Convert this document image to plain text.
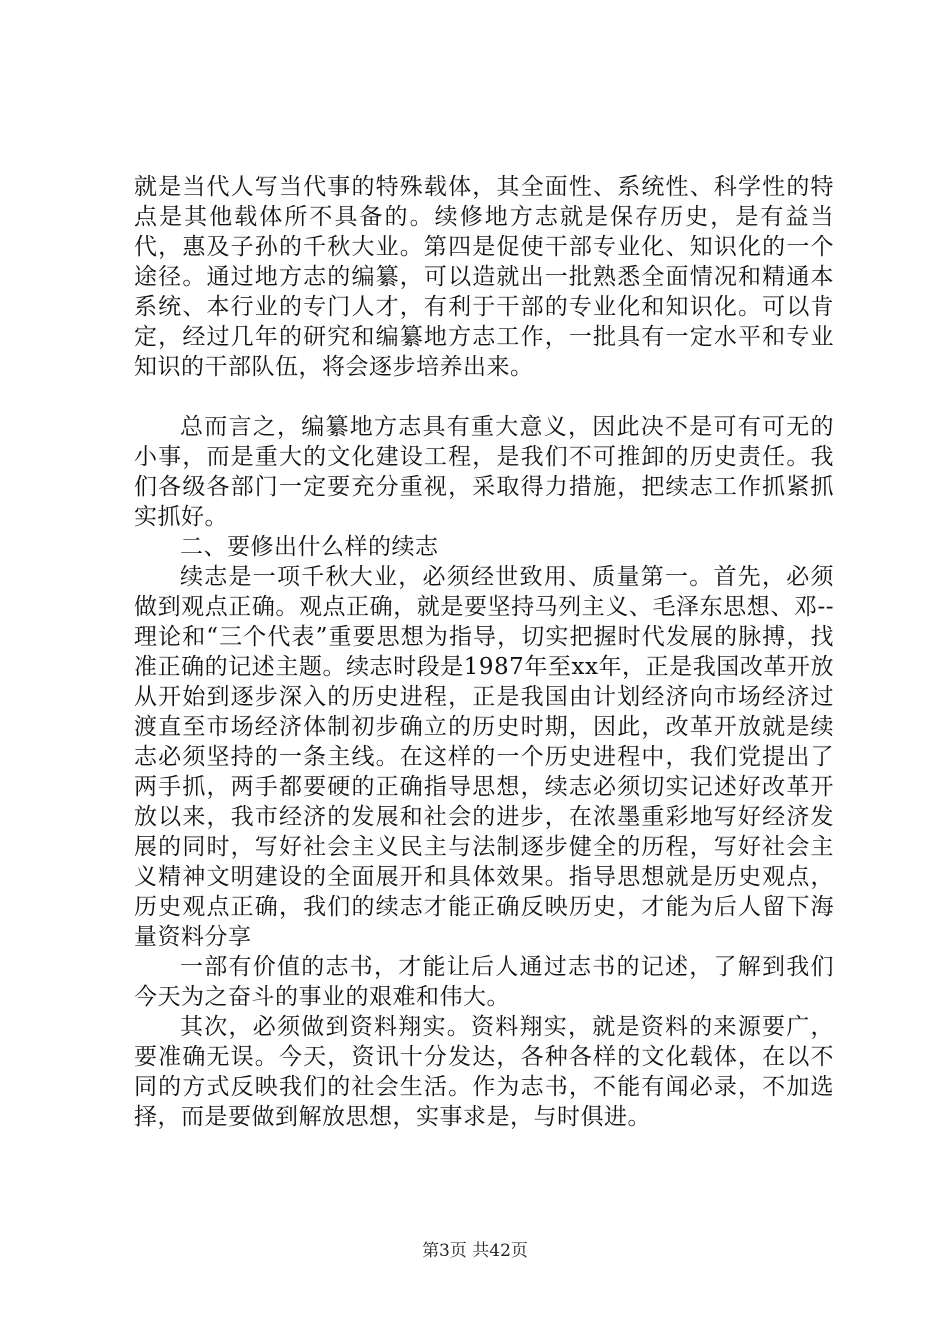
就是当代人写当代事的特殊载体，其全面性、系统性、科学性的特点是其他载体所不具备的。续修地方志就是保存历史，是有益当代，惠及子孙的千秋大业。第四是促使干部专业化、知识化的一个途径。通过地方志的编纂，可以造就出一批熟悉全面情况和精通本系统、本行业的专门人才，有利于干部的专业化和知识化。可以肯定，经过几年的研究和编纂地方志工作，一批具有一定水平和专业知识的干部队伍，将会逐步培养出来。

总而言之，编纂地方志具有重大意义，因此决不是可有可无的小事，而是重大的文化建设工程，是我们不可推卸的历史责任。我们各级各部门一定要充分重视，采取得力措施，把续志工作抓紧抓实抓好。

二、要修出什么样的续志

续志是一项千秋大业，必须经世致用、质量第一。首先，必须做到观点正确。观点正确，就是要坚持马列主义、毛泽东思想、邓--理论和“三个代表”重要思想为指导，切实把握时代发展的脉搏，找准正确的记述主题。续志时段是1987年至xx年，正是我国改革开放从开始到逐步深入的历史进程，正是我国由计划经济向市场经济过渡直至市场经济体制初步确立的历史时期，因此，改革开放就是续志必须坚持的一条主线。在这样的一个历史进程中，我们党提出了两手抓，两手都要硬的正确指导思想，续志必须切实记述好改革开放以来，我市经济的发展和社会的进步，在浓墨重彩地写好经济发展的同时，写好社会主义民主与法制逐步健全的历程，写好社会主义精神文明建设的全面展开和具体效果。指导思想就是历史观点，历史观点正确，我们的续志才能正确反映历史，才能为后人留下海量资料分享

一部有价值的志书，才能让后人通过志书的记述，了解到我们今天为之奋斗的事业的艰难和伟大。

其次，必须做到资料翔实。资料翔实，就是资料的来源要广，要准确无误。今天，资讯十分发达，各种各样的文化载体，在以不同的方式反映我们的社会生活。作为志书，不能有闻必录，不加选择，而是要做到解放思想，实事求是，与时俱进。

第3页 共42页
